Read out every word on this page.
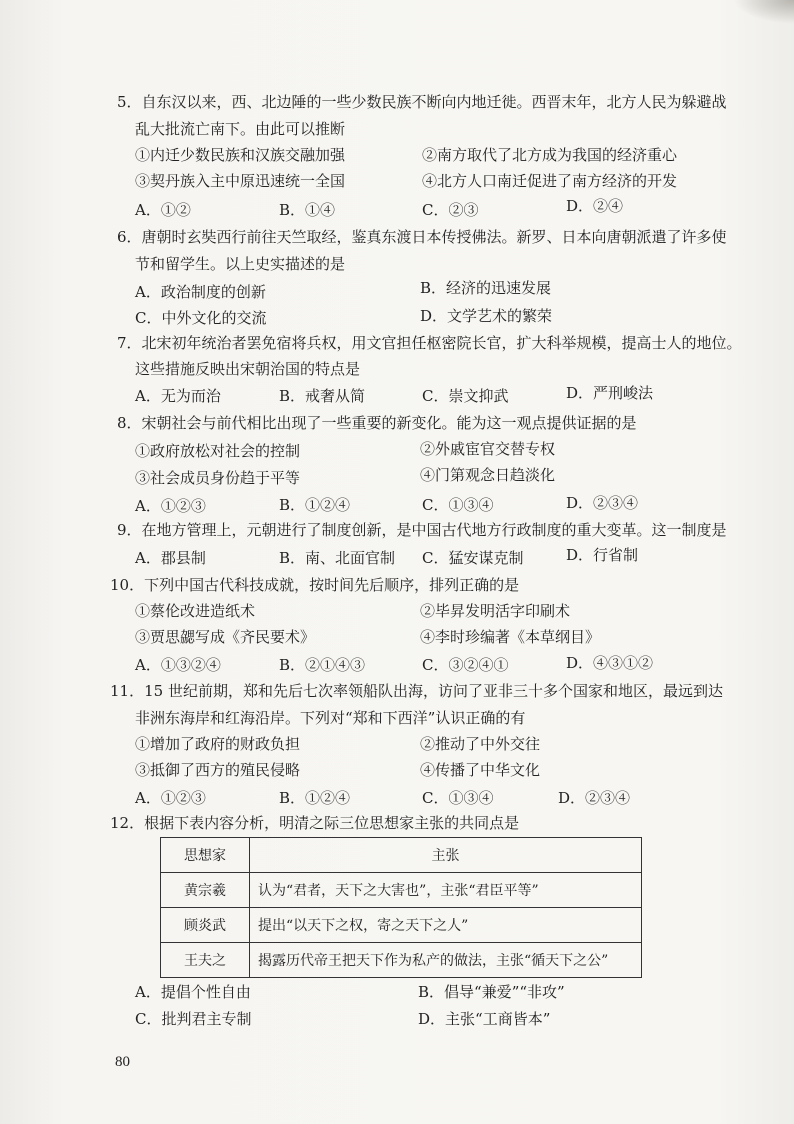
5．自东汉以来，西、北边陲的一些少数民族不断向内地迁徙。西晋末年，北方人民为躲避战
乱大批流亡南下。由此可以推断
①内迁少数民族和汉族交融加强	②南方取代了北方成为我国的经济重心
③契丹族入主中原迅速统一全国	④北方人口南迁促进了南方经济的开发
A．①②	B．①④	C．②③	D．②④
6．唐朝时玄奘西行前往天竺取经，鉴真东渡日本传授佛法。新罗、日本向唐朝派遣了许多使
节和留学生。以上史实描述的是
A．政治制度的创新	B．经济的迅速发展
C．中外文化的交流	D．文学艺术的繁荣
7．北宋初年统治者罢免宿将兵权，用文官担任枢密院长官，扩大科举规模，提高士人的地位。
这些措施反映出宋朝治国的特点是
A．无为而治	B．戒奢从简	C．崇文抑武	D．严刑峻法
8．宋朝社会与前代相比出现了一些重要的新变化。能为这一观点提供证据的是
①政府放松对社会的控制	②外戚宦官交替专权
③社会成员身份趋于平等	④门第观念日趋淡化
A．①②③	B．①②④	C．①③④	D．②③④
9．在地方管理上，元朝进行了制度创新，是中国古代地方行政制度的重大变革。这一制度是
A．郡县制	B．南、北面官制 C．猛安谋克制	D．行省制
10．下列中国古代科技成就，按时间先后顺序，排列正确的是
①蔡伦改进造纸术	②毕昇发明活字印刷术
③贾思勰写成《齐民要术》	④李时珍编著《本草纲目》
A．①③②④	B．②①④③	C．③②④①	D．④③①②
11．15 世纪前期，郑和先后七次率领船队出海，访问了亚非三十多个国家和地区，最远到达
非洲东海岸和红海沿岸。下列对“郑和下西洋”认识正确的有
①增加了政府的财政负担	②推动了中外交往
③抵御了西方的殖民侵略	④传播了中华文化
A．①②③	B．①②④	C．①③④	D．②③④
12．根据下表内容分析，明清之际三位思想家主张的共同点是
思想家	主张
黄宗羲	认为“君者，天下之大害也”，主张“君臣平等”
顾炎武	提出“以天下之权，寄之天下之人”
王夫之	揭露历代帝王把天下作为私产的做法，主张“循天下之公”
A．提倡个性自由	B．倡导“兼爱”“非攻”
C．批判君主专制	D．主张“工商皆本”
80
